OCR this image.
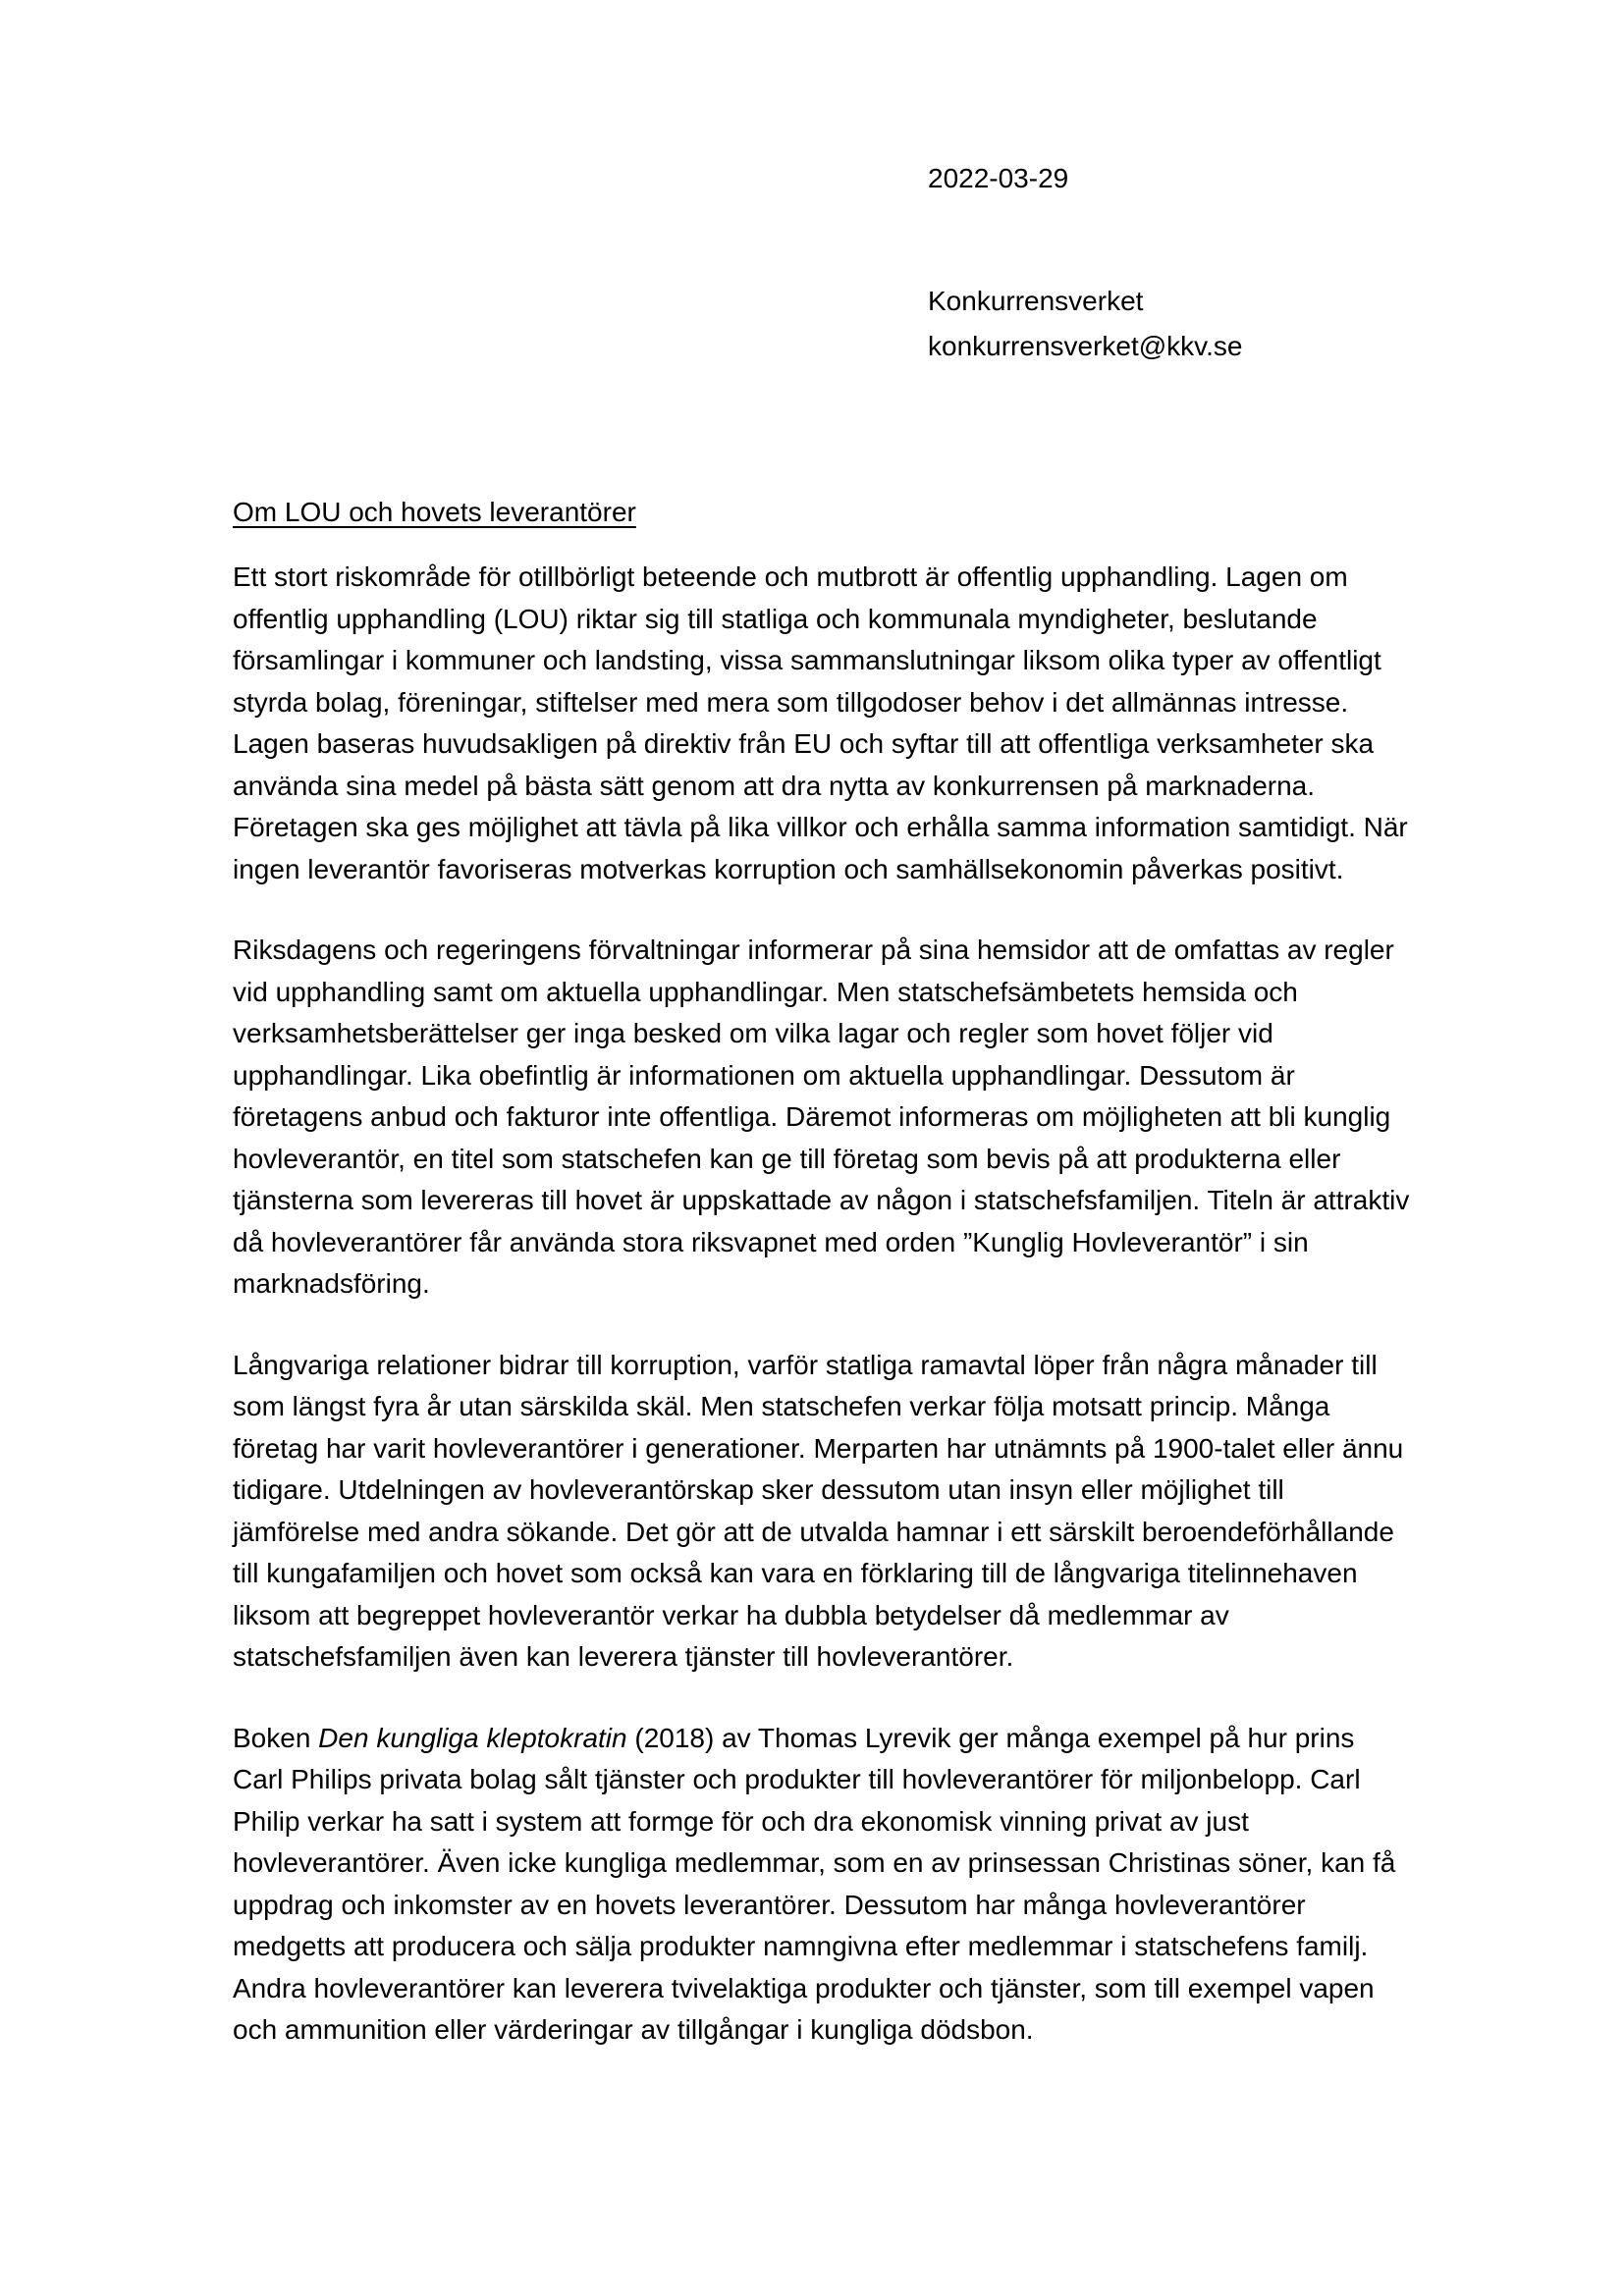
2022-03-29
Konkurrensverket
konkurrensverket@kkv.se
Om LOU och hovets leverantörer

Ett stort riskområde för otillbörligt beteende och mutbrott är offentlig upphandling. Lagen om offentlig upphandling (LOU) riktar sig till statliga och kommunala myndigheter, beslutande församlingar i kommuner och landsting, vissa sammanslutningar liksom olika typer av offentligt styrda bolag, föreningar, stiftelser med mera som tillgodoser behov i det allmännas intresse. Lagen baseras huvudsakligen på direktiv från EU och syftar till att offentliga verksamheter ska använda sina medel på bästa sätt genom att dra nytta av konkurrensen på marknaderna. Företagen ska ges möjlighet att tävla på lika villkor och erhålla samma information samtidigt. När ingen leverantör favoriseras motverkas korruption och samhällsekonomin påverkas positivt.

Riksdagens och regeringens förvaltningar informerar på sina hemsidor att de omfattas av regler vid upphandling samt om aktuella upphandlingar. Men statschefsämbetets hemsida och verksamhetsberättelser ger inga besked om vilka lagar och regler som hovet följer vid upphandlingar. Lika obefintlig är informationen om aktuella upphandlingar. Dessutom är företagens anbud och fakturor inte offentliga. Däremot informeras om möjligheten att bli kunglig hovleverantör, en titel som statschefen kan ge till företag som bevis på att produkterna eller tjänsterna som levereras till hovet är uppskattade av någon i statschefsfamiljen. Titeln är attraktiv då hovleverantörer får använda stora riksvapnet med orden ”Kunglig Hovleverantör” i sin marknadsföring.

Långvariga relationer bidrar till korruption, varför statliga ramavtal löper från några månader till som längst fyra år utan särskilda skäl. Men statschefen verkar följa motsatt princip. Många företag har varit hovleverantörer i generationer. Merparten har utnämnts på 1900-talet eller ännu tidigare. Utdelningen av hovleverantörskap sker dessutom utan insyn eller möjlighet till jämförelse med andra sökande. Det gör att de utvalda hamnar i ett särskilt beroendeförhållande till kungafamiljen och hovet som också kan vara en förklaring till de långvariga titelinnehaven liksom att begreppet hovleverantör verkar ha dubbla betydelser då medlemmar av statschefsfamiljen även kan leverera tjänster till hovleverantörer.

Boken Den kungliga kleptokratin (2018) av Thomas Lyrevik ger många exempel på hur prins Carl Philips privata bolag sålt tjänster och produkter till hovleverantörer för miljonbelopp. Carl Philip verkar ha satt i system att formge för och dra ekonomisk vinning privat av just hovleverantörer. Även icke kungliga medlemmar, som en av prinsessan Christinas söner, kan få uppdrag och inkomster av en hovets leverantörer. Dessutom har många hovleverantörer medgetts att producera och sälja produkter namngivna efter medlemmar i statschefens familj. Andra hovleverantörer kan leverera tvivelaktiga produkter och tjänster, som till exempel vapen och ammunition eller värderingar av tillgångar i kungliga dödsbon.
